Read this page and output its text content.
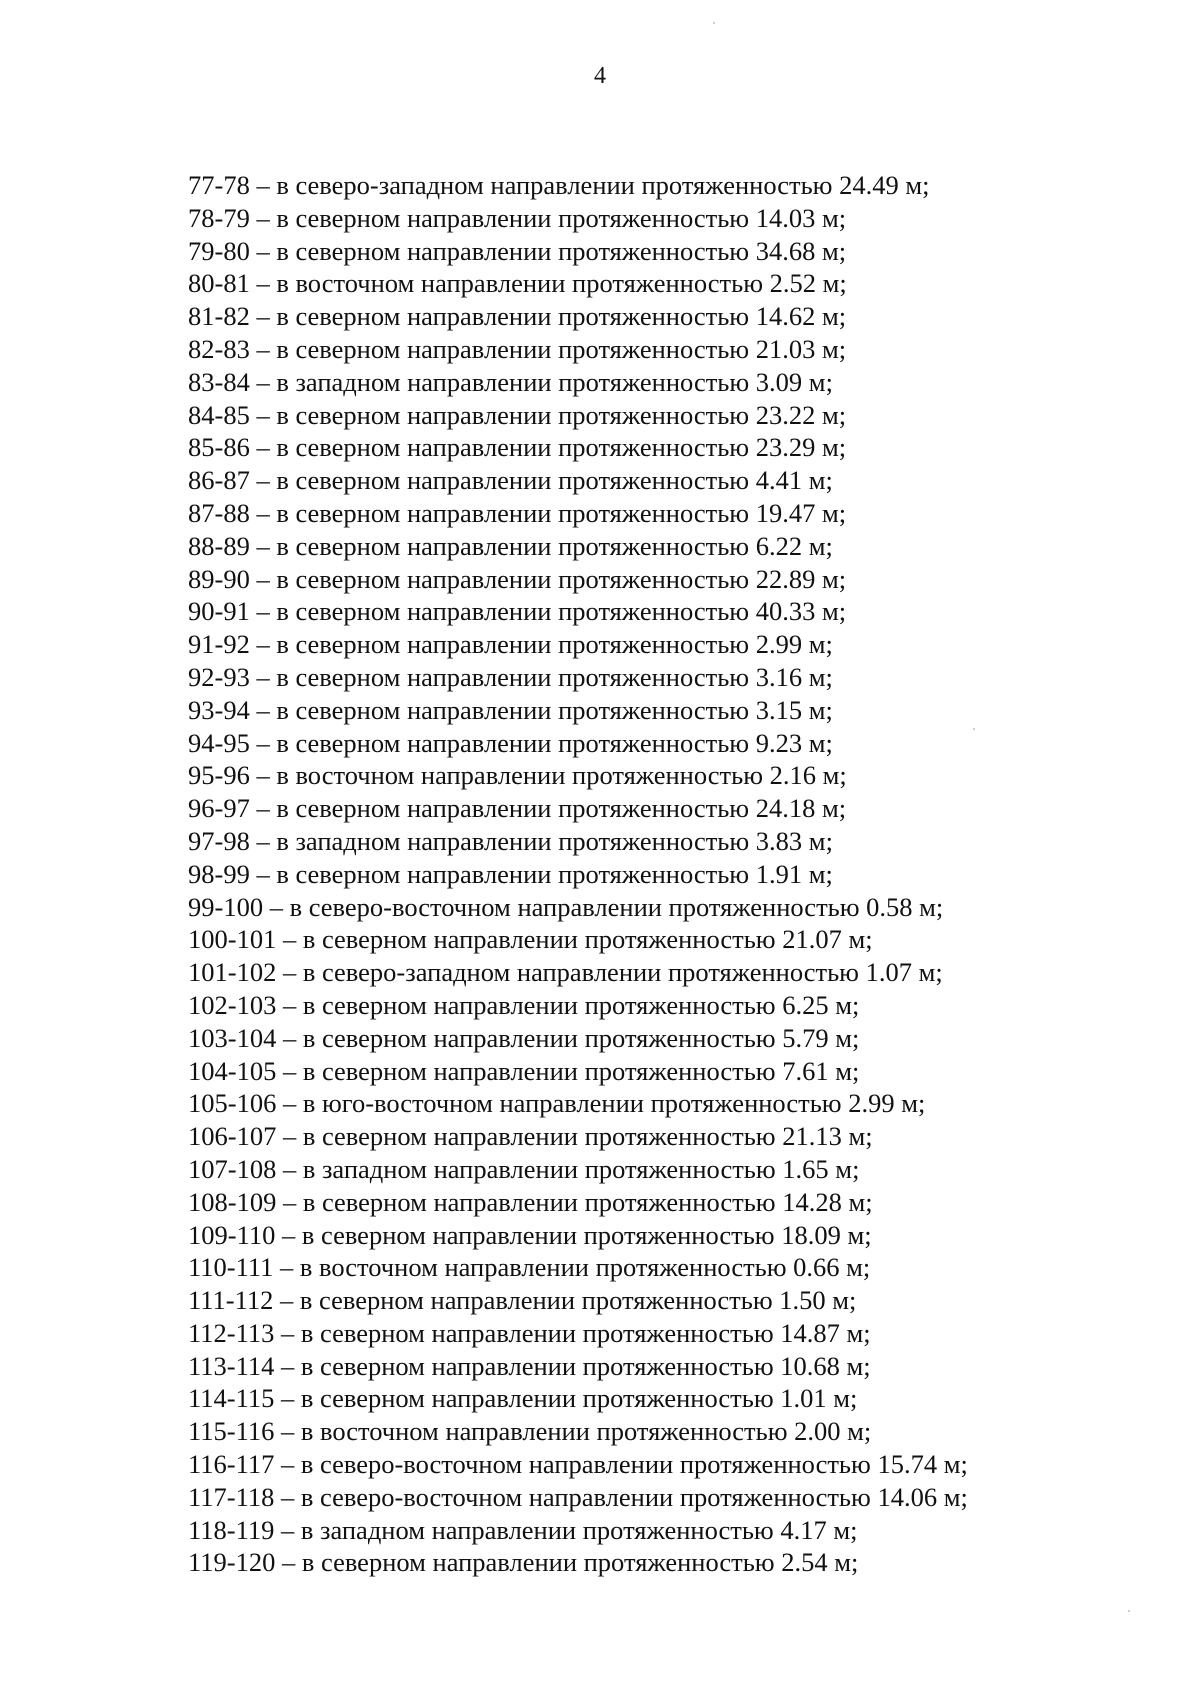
4
77-78 – в северо-западном направлении протяженностью 24.49 м;
78-79 – в северном направлении протяженностью 14.03 м;
79-80 – в северном направлении протяженностью 34.68 м;
80-81 – в восточном направлении протяженностью 2.52 м;
81-82 – в северном направлении протяженностью 14.62 м;
82-83 – в северном направлении протяженностью 21.03 м;
83-84 – в западном направлении протяженностью 3.09 м;
84-85 – в северном направлении протяженностью 23.22 м;
85-86 – в северном направлении протяженностью 23.29 м;
86-87 – в северном направлении протяженностью 4.41 м;
87-88 – в северном направлении протяженностью 19.47 м;
88-89 – в северном направлении протяженностью 6.22 м;
89-90 – в северном направлении протяженностью 22.89 м;
90-91 – в северном направлении протяженностью 40.33 м;
91-92 – в северном направлении протяженностью 2.99 м;
92-93 – в северном направлении протяженностью 3.16 м;
93-94 – в северном направлении протяженностью 3.15 м;
94-95 – в северном направлении протяженностью 9.23 м;
95-96 – в восточном направлении протяженностью 2.16 м;
96-97 – в северном направлении протяженностью 24.18 м;
97-98 – в западном направлении протяженностью 3.83 м;
98-99 – в северном направлении протяженностью 1.91 м;
99-100 – в северо-восточном направлении протяженностью 0.58 м;
100-101 – в северном направлении протяженностью 21.07 м;
101-102 – в северо-западном направлении протяженностью 1.07 м;
102-103 – в северном направлении протяженностью 6.25 м;
103-104 – в северном направлении протяженностью 5.79 м;
104-105 – в северном направлении протяженностью 7.61 м;
105-106 – в юго-восточном направлении протяженностью 2.99 м;
106-107 – в северном направлении протяженностью 21.13 м;
107-108 – в западном направлении протяженностью 1.65 м;
108-109 – в северном направлении протяженностью 14.28 м;
109-110 – в северном направлении протяженностью 18.09 м;
110-111 – в восточном направлении протяженностью 0.66 м;
111-112 – в северном направлении протяженностью 1.50 м;
112-113 – в северном направлении протяженностью 14.87 м;
113-114 – в северном направлении протяженностью 10.68 м;
114-115 – в северном направлении протяженностью 1.01 м;
115-116 – в восточном направлении протяженностью 2.00 м;
116-117 – в северо-восточном направлении протяженностью 15.74 м;
117-118 – в северо-восточном направлении протяженностью 14.06 м;
118-119 – в западном направлении протяженностью 4.17 м;
119-120 – в северном направлении протяженностью 2.54 м;
